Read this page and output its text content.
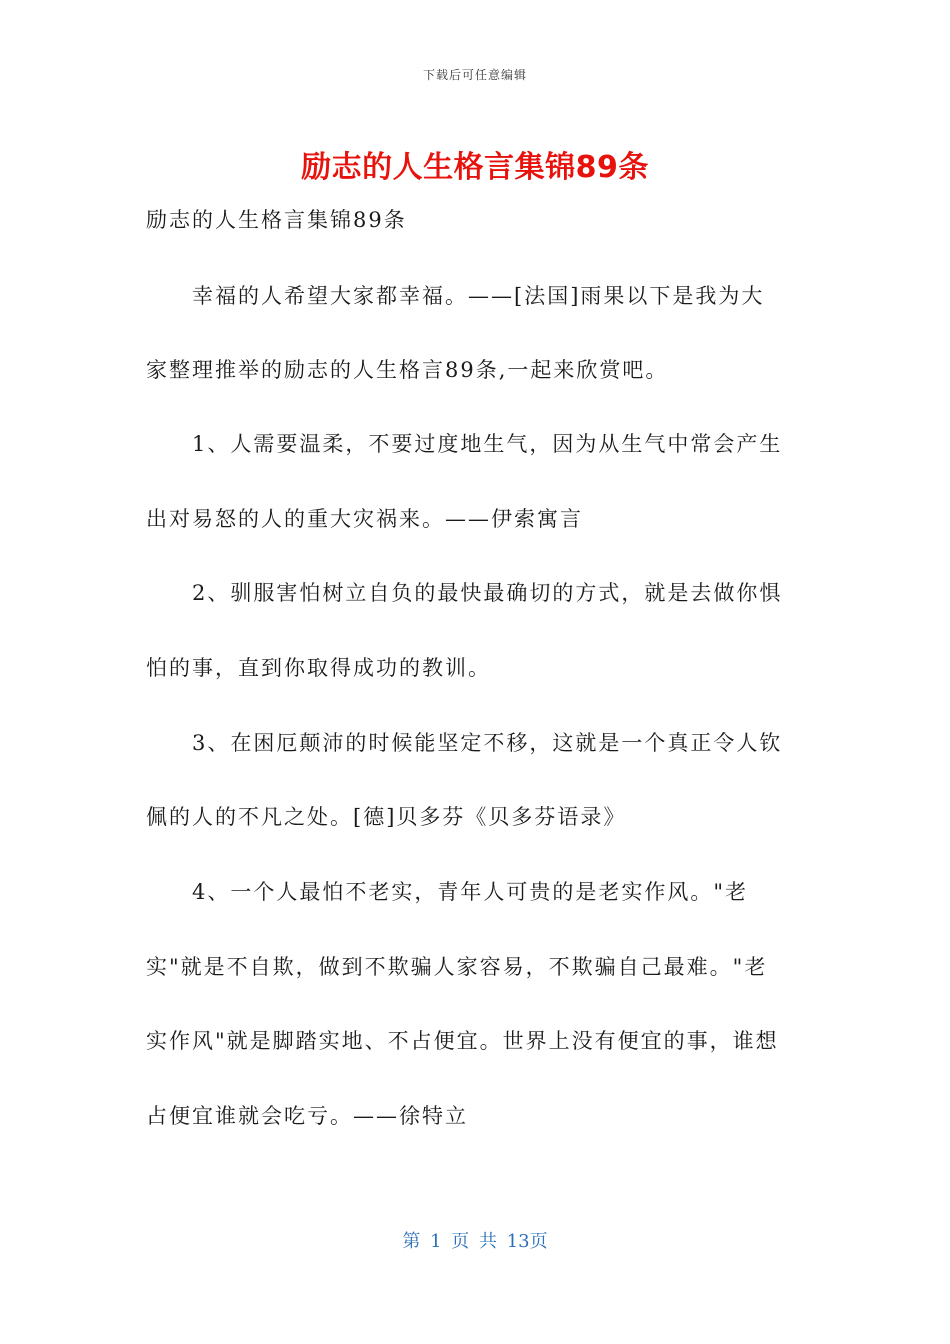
下载后可任意编辑
励志的人生格言集锦89条
励志的人生格言集锦89条
　　幸福的人希望大家都幸福。——[法国]雨果以下是我为大
家整理推举的励志的人生格言89条,一起来欣赏吧。
　　1、人需要温柔，不要过度地生气，因为从生气中常会产生
出对易怒的人的重大灾祸来。——伊索寓言
　　2、驯服害怕树立自负的最快最确切的方式，就是去做你惧
怕的事，直到你取得成功的教训。
　　3、在困厄颠沛的时候能坚定不移，这就是一个真正令人钦
佩的人的不凡之处。[德]贝多芬《贝多芬语录》
　　4、一个人最怕不老实，青年人可贵的是老实作风。"老
实"就是不自欺，做到不欺骗人家容易，不欺骗自己最难。"老
实作风"就是脚踏实地、不占便宜。世界上没有便宜的事，谁想
占便宜谁就会吃亏。——徐特立
第 1 页 共 13页
